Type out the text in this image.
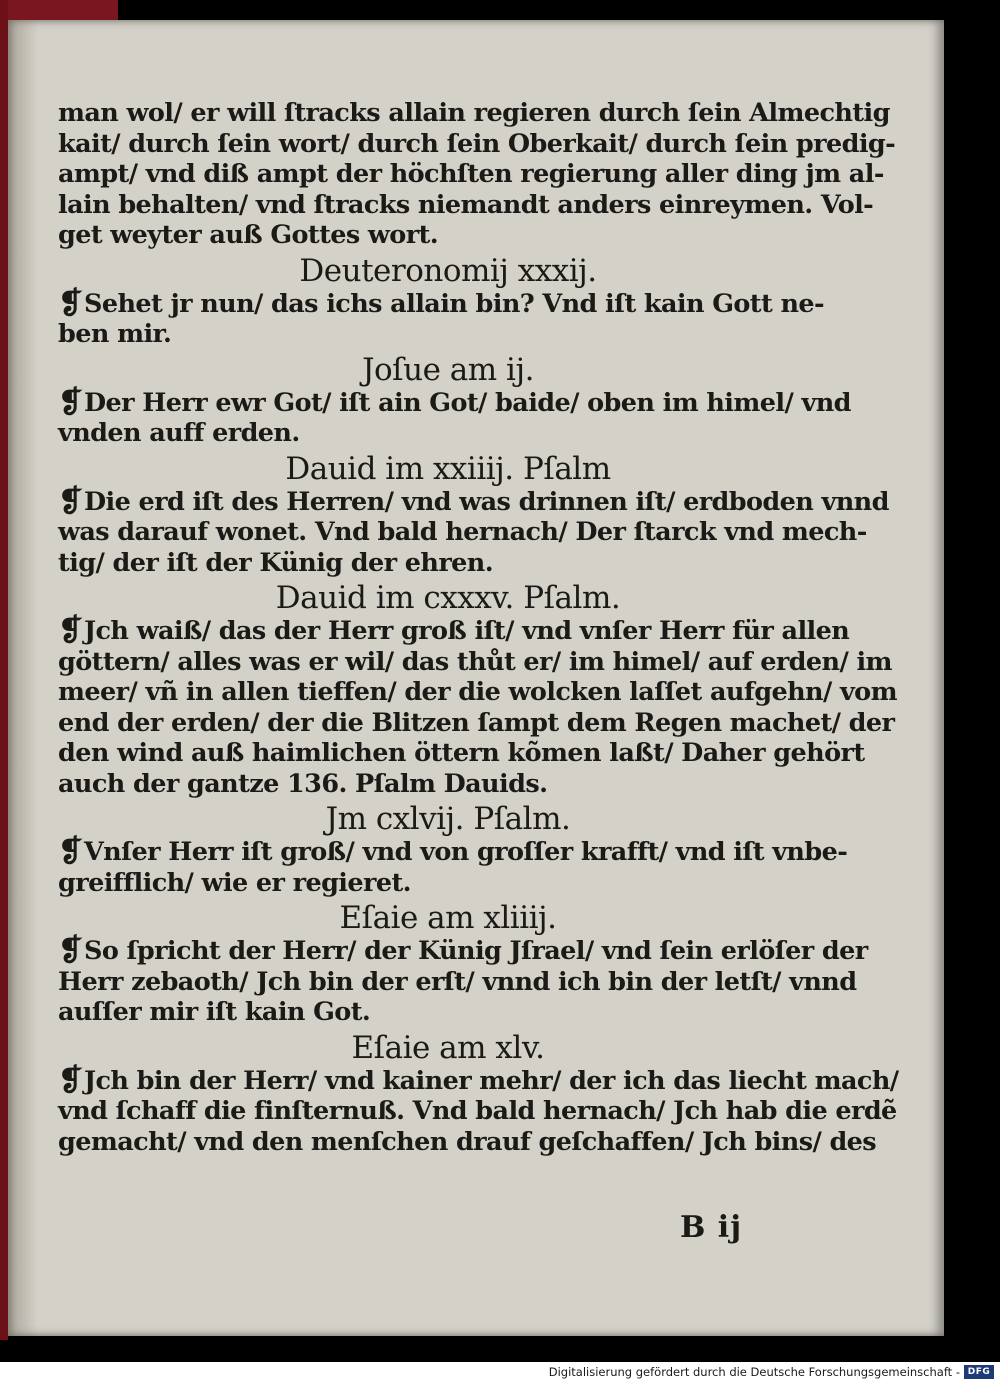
man wol/ er will ſtracks allain regieren durch ſein Almechtig
kait/ durch ſein wort/ durch ſein Oberkait/ durch ſein predig-
ampt/ vnd diß ampt der höchſten regierung aller ding jm al-
lain behalten/ vnd ſtracks niemandt anders einreymen. Vol-
get weyter auß Gottes wort.
Deuteronomij xxxij.
❡ Sehet jr nun/ das ichs allain bin? Vnd iſt kain Gott ne-
ben mir.
Joſue am ij.
❡ Der Herr ewr Got/ iſt ain Got/ baide/ oben im himel/ vnd
vnden auff erden.
Dauid im xxiiij. Pſalm
❡ Die erd iſt des Herren/ vnd was drinnen iſt/ erdboden vnnd
was darauf wonet. Vnd bald hernach/ Der ſtarck vnd mech-
tig/ der iſt der Künig der ehren.
Dauid im cxxxv. Pſalm.
❡ Jch waiß/ das der Herr groß iſt/ vnd vnſer Herr für allen
göttern/ alles was er wil/ das thůt er/ im himel/ auf erden/ im
meer/ vñ in allen tieffen/ der die wolcken laſſet aufgehn/ vom
end der erden/ der die Blitzen ſampt dem Regen machet/ der
den wind auß haimlichen öttern kõmen laßt/ Daher gehört
auch der gantze 136. Pſalm Dauids.
Jm cxlvij. Pſalm.
❡ Vnſer Herr iſt groß/ vnd von groſſer krafft/ vnd iſt vnbe-
greifflich/ wie er regieret.
Eſaie am xliiij.
❡ So ſpricht der Herr/ der Künig Jſrael/ vnd ſein erlöſer der
Herr zebaoth/ Jch bin der erſt/ vnnd ich bin der letſt/ vnnd
auſſer mir iſt kain Got.
Eſaie am xlv.
❡ Jch bin der Herr/ vnd kainer mehr/ der ich das liecht mach/
vnd ſchaff die finſternuß. Vnd bald hernach/ Jch hab die erdẽ
gemacht/ vnd den menſchen drauf geſchaffen/ Jch bins/ des
B ij
Digitalisierung gefördert durch die Deutsche Forschungsgemeinschaft - DFG
